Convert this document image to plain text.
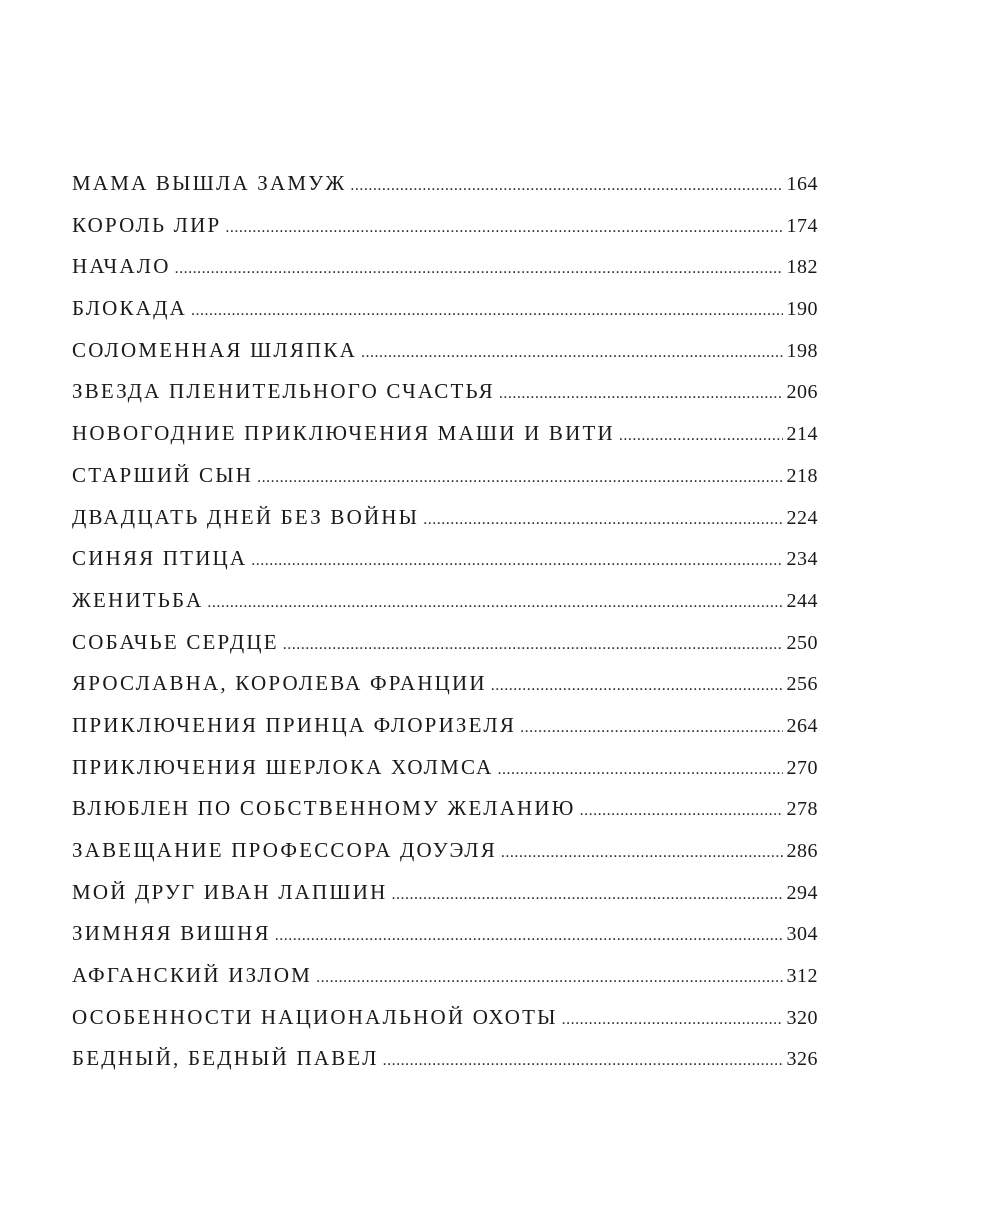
МАМА ВЫШЛА ЗАМУЖ .....	164
КОРОЛЬ ЛИР .....	174
НАЧАЛО .....	182
БЛОКАДА .....	190
СОЛОМЕННАЯ ШЛЯПКА .....	198
ЗВЕЗДА ПЛЕНИТЕЛЬНОГО СЧАСТЬЯ .....	206
НОВОГОДНИЕ ПРИКЛЮЧЕНИЯ МАШИ И ВИТИ .....	214
СТАРШИЙ СЫН .....	218
ДВАДЦАТЬ ДНЕЙ БЕЗ ВОЙНЫ .....	224
СИНЯЯ ПТИЦА .....	234
ЖЕНИТЬБА .....	244
СОБАЧЬЕ СЕРДЦЕ .....	250
ЯРОСЛАВНА, КОРОЛЕВА ФРАНЦИИ .....	256
ПРИКЛЮЧЕНИЯ ПРИНЦА ФЛОРИЗЕЛЯ .....	264
ПРИКЛЮЧЕНИЯ ШЕРЛОКА ХОЛМСА .....	270
ВЛЮБЛЕН ПО СОБСТВЕННОМУ ЖЕЛАНИЮ .....	278
ЗАВЕЩАНИЕ ПРОФЕССОРА ДОУЭЛЯ .....	286
МОЙ ДРУГ ИВАН ЛАПШИН .....	294
ЗИМНЯЯ ВИШНЯ .....	304
АФГАНСКИЙ ИЗЛОМ .....	312
ОСОБЕННОСТИ НАЦИОНАЛЬНОЙ ОХОТЫ .....	320
БЕДНЫЙ, БЕДНЫЙ ПАВЕЛ .....	326
